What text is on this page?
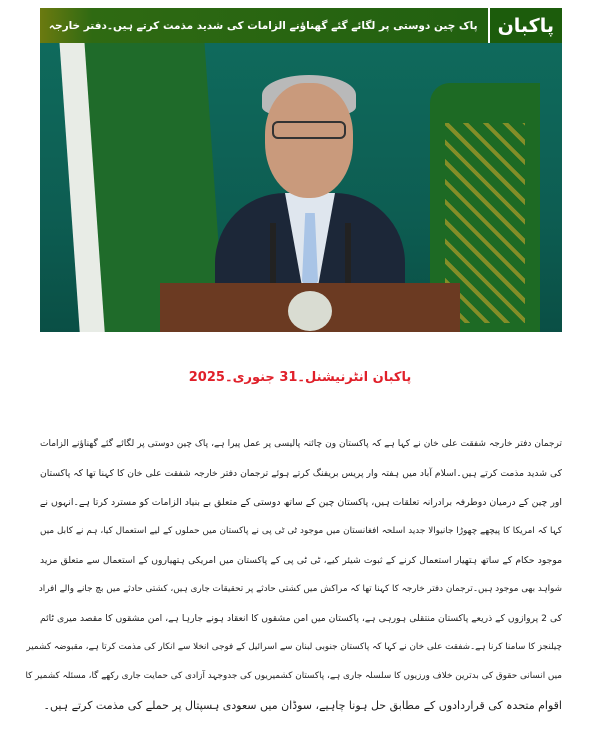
پاکبان
پاک چین دوستی پر لگائے گئے گھناؤنے الزامات کی شدید مذمت کرتے ہیں۔دفتر خارجہ
پاکبان انٹرنیشنل۔31 جنوری۔2025
ترجمان دفتر خارجہ شفقت علی خان نے کہا ہے کہ پاکستان ون چائنہ پالیسی پر عمل پیرا ہے، پاک چین دوستی پر لگائے گئے گھناؤنے الزامات
کی شدید مذمت کرتے ہیں۔اسلام آباد میں ہفتہ وار پریس بریفنگ کرتے ہوئے ترجمان دفتر خارجہ شفقت علی خان کا کہنا تھا کہ پاکستان
اور چین کے درمیان دوطرفہ برادرانہ تعلقات ہیں، پاکستان چین کے ساتھ دوستی کے متعلق بے بنیاد الزامات کو مسترد کرتا ہے۔انہوں نے
کہا کہ امریکا کا پیچھے چھوڑا جانیوالا جدید اسلحہ افغانستان میں موجود ٹی ٹی پی نے پاکستان میں حملوں کے لیے استعمال کیا، ہم نے کابل میں
موجود حکام کے ساتھ ہتھیار استعمال کرنے کے ثبوت شیئر کیے، ٹی ٹی پی کے پاکستان میں امریکی ہتھیاروں کے استعمال سے متعلق مزید
شواہد بھی موجود ہیں۔ترجمان دفتر خارجہ کا کہنا تھا کہ مراکش میں کشتی حادثے پر تحقیقات جاری ہیں، کشتی حادثے میں بچ جانے والے افراد
کی 2 پروازوں کے ذریعے پاکستان منتقلی ہورہی ہے، پاکستان میں امن مشقوں کا انعقاد ہونے جارہا ہے، امن مشقوں کا مقصد میری ٹائم
چیلنجز کا سامنا کرنا ہے۔شفقت علی خان نے کہا کہ پاکستان جنوبی لبنان سے اسرائیل کے فوجی انخلا سے انکار کی مذمت کرتا ہے، مقبوضہ کشمیر
میں انسانی حقوق کی بدترین خلاف ورزیوں کا سلسلہ جاری ہے، پاکستان کشمیریوں کی جدوجہد آزادی کی حمایت جاری رکھے گا، مسئلہ کشمیر کا
اقوام متحدہ کی قراردادوں کے مطابق حل ہونا چاہیے، سوڈان میں سعودی ہسپتال پر حملے کی مذمت کرتے ہیں۔
